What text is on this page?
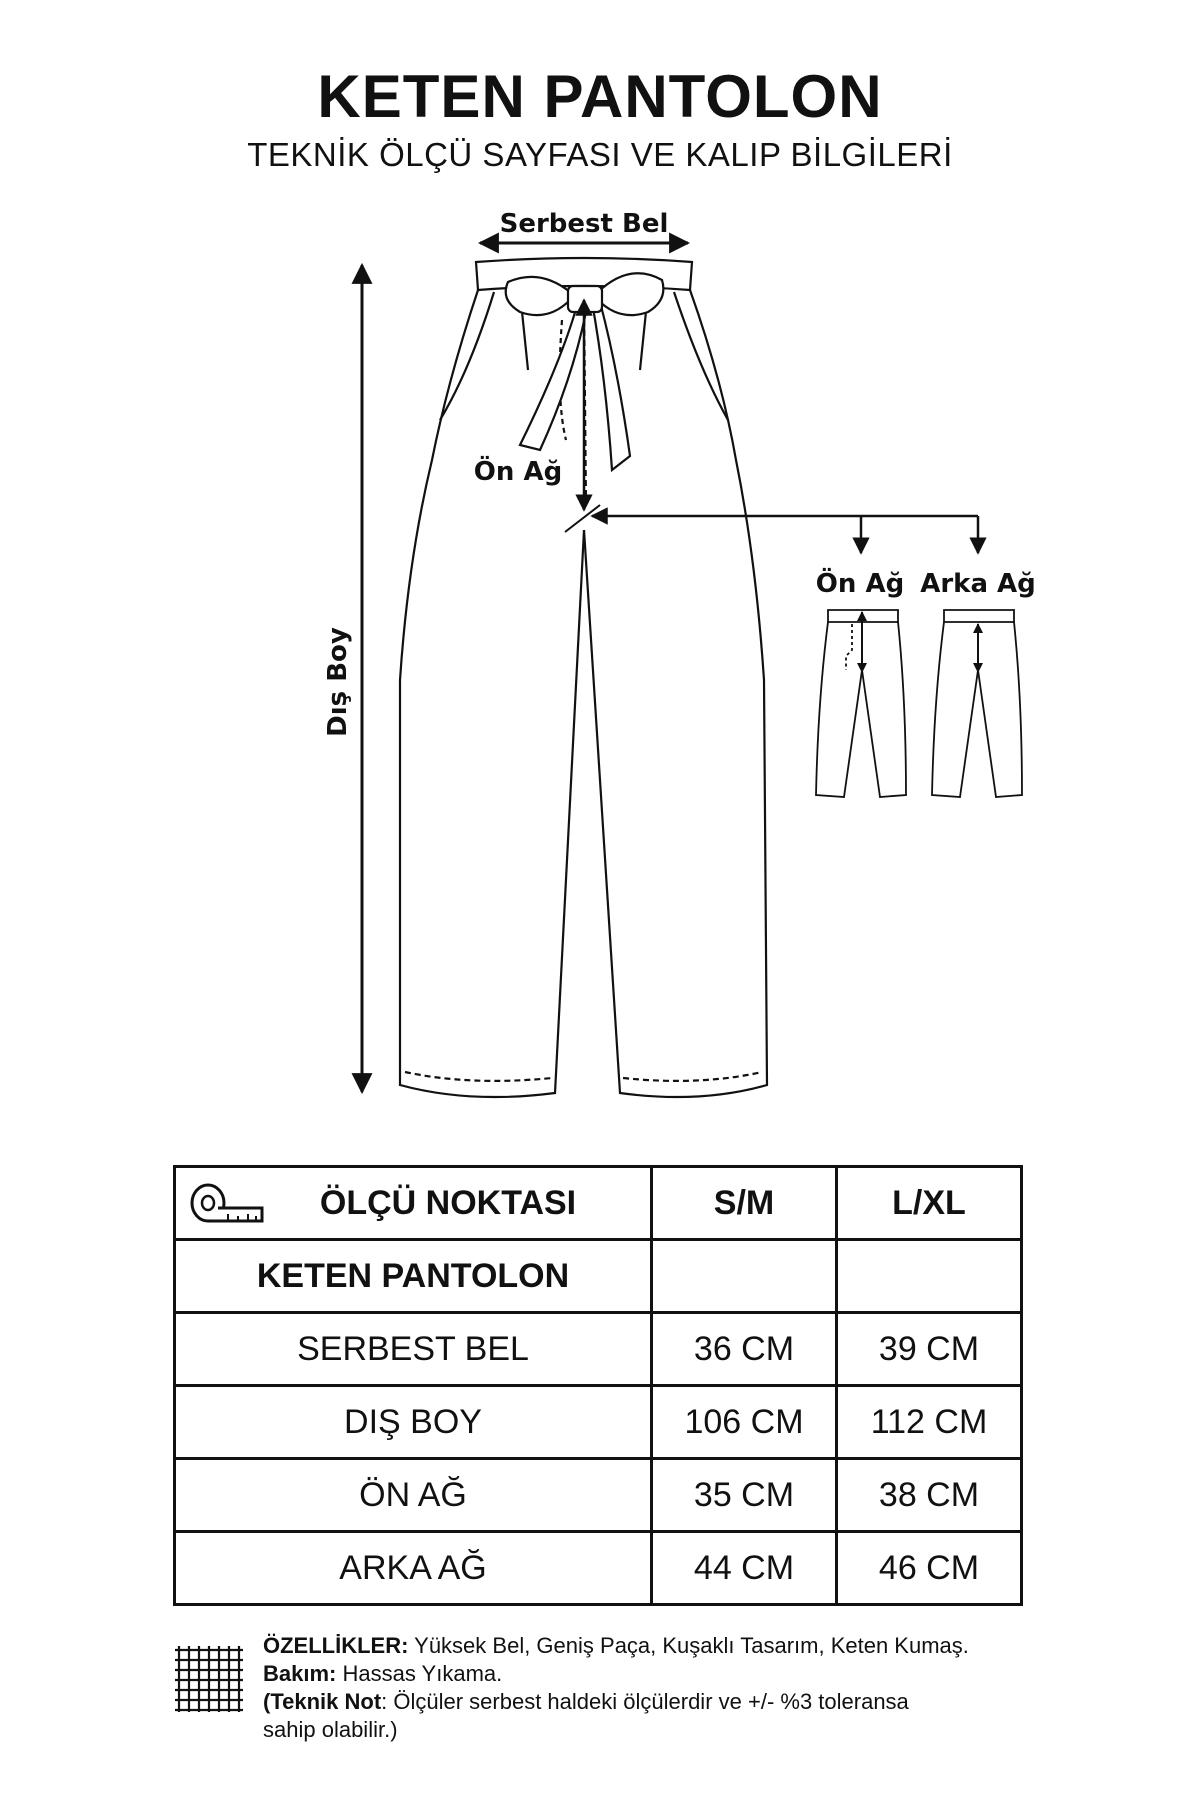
KETEN PANTOLON
TEKNİK ÖLÇÜ SAYFASI VE KALIP BİLGİLERİ
Serbest Bel
Dış Boy
Ön Ağ
Ön Ağ Arka Ağ
ÖLÇÜ NOKTASI	S/M	L/XL
KETEN PANTOLON		
SERBEST BEL	36 CM	39 CM
DIŞ BOY	106 CM	112 CM
ÖN AĞ	35 CM	38 CM
ARKA AĞ	44 CM	46 CM
ÖZELLİKLER: Yüksek Bel, Geniş Paça, Kuşaklı Tasarım, Keten Kumaş.
Bakım: Hassas Yıkama.
(Teknik Not: Ölçüler serbest haldeki ölçülerdir ve +/- %3 toleransa
sahip olabilir.)
